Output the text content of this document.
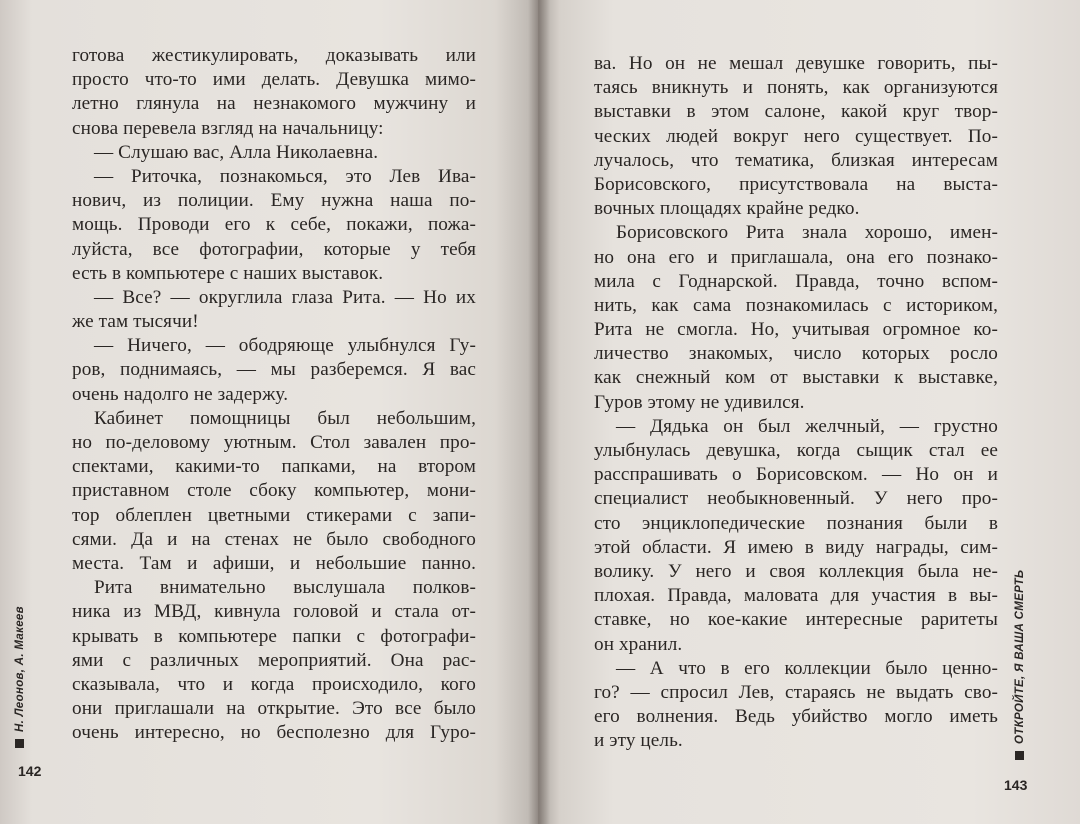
готова жестикулировать, доказывать или
просто что-то ими делать. Девушка мимо-
летно глянула на незнакомого мужчину и
снова перевела взгляд на начальницу:
— Слушаю вас, Алла Николаевна.
— Риточка, познакомься, это Лев Ива-
нович, из полиции. Ему нужна наша по-
мощь. Проводи его к себе, покажи, пожа-
луйста, все фотографии, которые у тебя
есть в компьютере с наших выставок.
— Все? — округлила глаза Рита. — Но их
же там тысячи!
— Ничего, — ободряюще улыбнулся Гу-
ров, поднимаясь, — мы разберемся. Я вас
очень надолго не задержу.
Кабинет помощницы был небольшим,
но по-деловому уютным. Стол завален про-
спектами, какими-то папками, на втором
приставном столе сбоку компьютер, мони-
тор облеплен цветными стикерами с запи-
сями. Да и на стенах не было свободного
места. Там и афиши, и небольшие панно.
Рита внимательно выслушала полков-
ника из МВД, кивнула головой и стала от-
крывать в компьютере папки с фотографи-
ями с различных мероприятий. Она рас-
сказывала, что и когда происходило, кого
они приглашали на открытие. Это все было
очень интересно, но бесполезно для Гуро-
Н. Леонов, А. Макеев
142
ва. Но он не мешал девушке говорить, пы-
таясь вникнуть и понять, как организуются
выставки в этом салоне, какой круг твор-
ческих людей вокруг него существует. По-
лучалось, что тематика, близкая интересам
Борисовского, присутствовала на выста-
вочных площадях крайне редко.
Борисовского Рита знала хорошо, имен-
но она его и приглашала, она его познако-
мила с Годнарской. Правда, точно вспом-
нить, как сама познакомилась с историком,
Рита не смогла. Но, учитывая огромное ко-
личество знакомых, число которых росло
как снежный ком от выставки к выставке,
Гуров этому не удивился.
— Дядька он был желчный, — грустно
улыбнулась девушка, когда сыщик стал ее
расспрашивать о Борисовском. — Но он и
специалист необыкновенный. У него про-
сто энциклопедические познания были в
этой области. Я имею в виду награды, сим-
волику. У него и своя коллекция была не-
плохая. Правда, маловата для участия в вы-
ставке, но кое-какие интересные раритеты
он хранил.
— А что в его коллекции было ценно-
го? — спросил Лев, стараясь не выдать сво-
его волнения. Ведь убийство могло иметь
и эту цель.	ОТКРОЙТЕ, Я ВАША СМЕРТЬ
143
